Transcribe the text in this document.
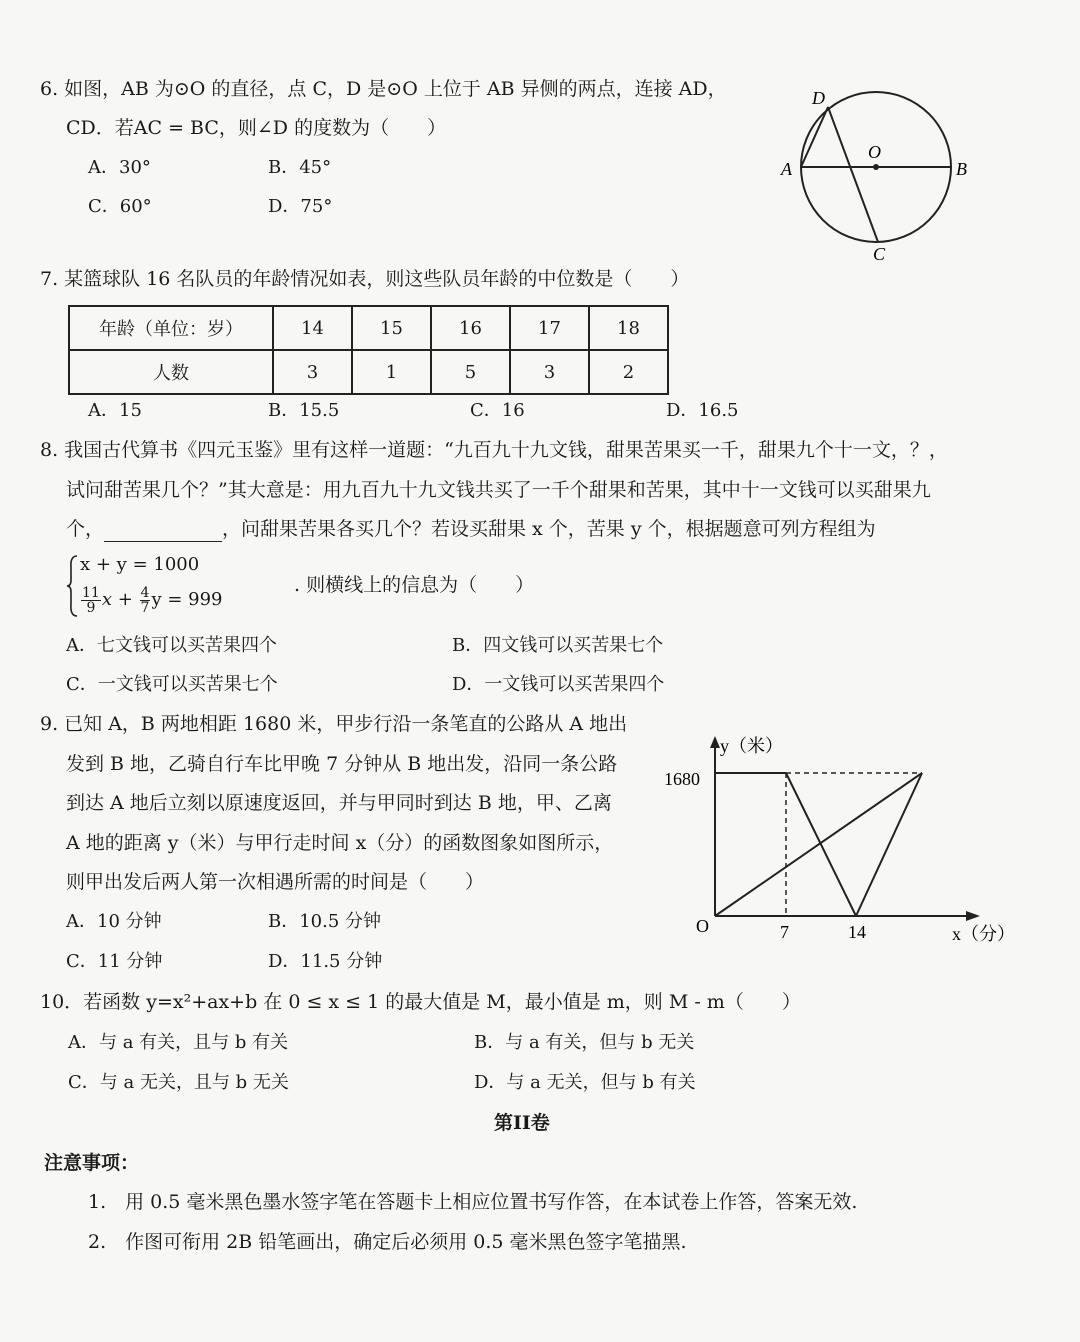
6. 如图，AB 为⊙O 的直径，点 C，D 是⊙O 上位于 AB 异侧的两点，连接 AD，
CD．若AC = BC，则∠D 的度数为（　　）
A．30°	B．45°
C．60°	D．75°
D
O
A	B
C
7. 某篮球队 16 名队员的年龄情况如表，则这些队员年龄的中位数是（　　）
年龄（单位：岁）	14	15	16	17	18
人数	3	1	5	3	2
A．15	B．15.5	C．16	D．16.5
8. 我国古代算书《四元玉鉴》里有这样一道题：“九百九十九文钱，甜果苦果买一千，甜果九个十一文，？，
试问甜苦果几个？”其大意是：用九百九十九文钱共买了一千个甜果和苦果，其中十一文钱可以买甜果九
个，	，问甜果苦果各买几个？若设买甜果 x 个，苦果 y 个，根据题意可列方程组为
x + y = 1000
$\frac{11}{9}$ $x + \frac{4}{7}$ y = 999
. 则横线上的信息为（　　）
A．七文钱可以买苦果四个	B．四文钱可以买苦果七个
C．一文钱可以买苦果七个	D．一文钱可以买苦果四个
9. 已知 A，B 两地相距 1680 米，甲步行沿一条笔直的公路从 A 地出
发到 B 地，乙骑自行车比甲晚 7 分钟从 B 地出发，沿同一条公路
到达 A 地后立刻以原速度返回，并与甲同时到达 B 地，甲、乙离
A 地的距离 y（米）与甲行走时间 x（分）的函数图象如图所示，
则甲出发后两人第一次相遇所需的时间是（　　）
A．10 分钟	B．10.5 分钟
C．11 分钟	D．11.5 分钟
y（米）
1680
O	7	14	x（分）
10．若函数 y=x²+ax+b 在 0 ≤ x ≤ 1 的最大值是 M，最小值是 m，则 M - m（　　）
A．与 a 有关，且与 b 有关	B．与 a 有关，但与 b 无关
C．与 a 无关，且与 b 无关	D．与 a 无关，但与 b 有关
第II卷
注意事项：
1.　用 0.5 毫米黑色墨水签字笔在答题卡上相应位置书写作答，在本试卷上作答，答案无效.
2.　作图可衔用 2B 铅笔画出，确定后必须用 0.5 毫米黑色签字笔描黑.
